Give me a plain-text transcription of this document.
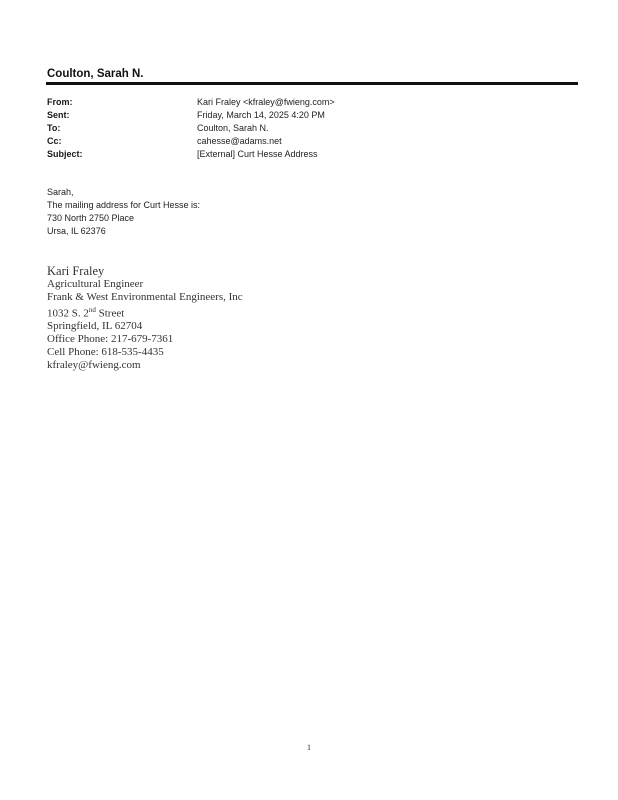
Coulton, Sarah N.
From:	Kari Fraley <kfraley@fwieng.com>
Sent:	Friday, March 14, 2025 4:20 PM
To:	Coulton, Sarah N.
Cc:	cahesse@adams.net
Subject:	[External] Curt Hesse Address
Sarah,
The mailing address for Curt Hesse is:
730 North 2750 Place
Ursa, IL 62376
Kari Fraley
Agricultural Engineer
Frank & West Environmental Engineers, Inc
1032 S. 2nd Street
Springfield, IL 62704
Office Phone: 217-679-7361
Cell Phone: 618-535-4435
kfraley@fwieng.com
1
